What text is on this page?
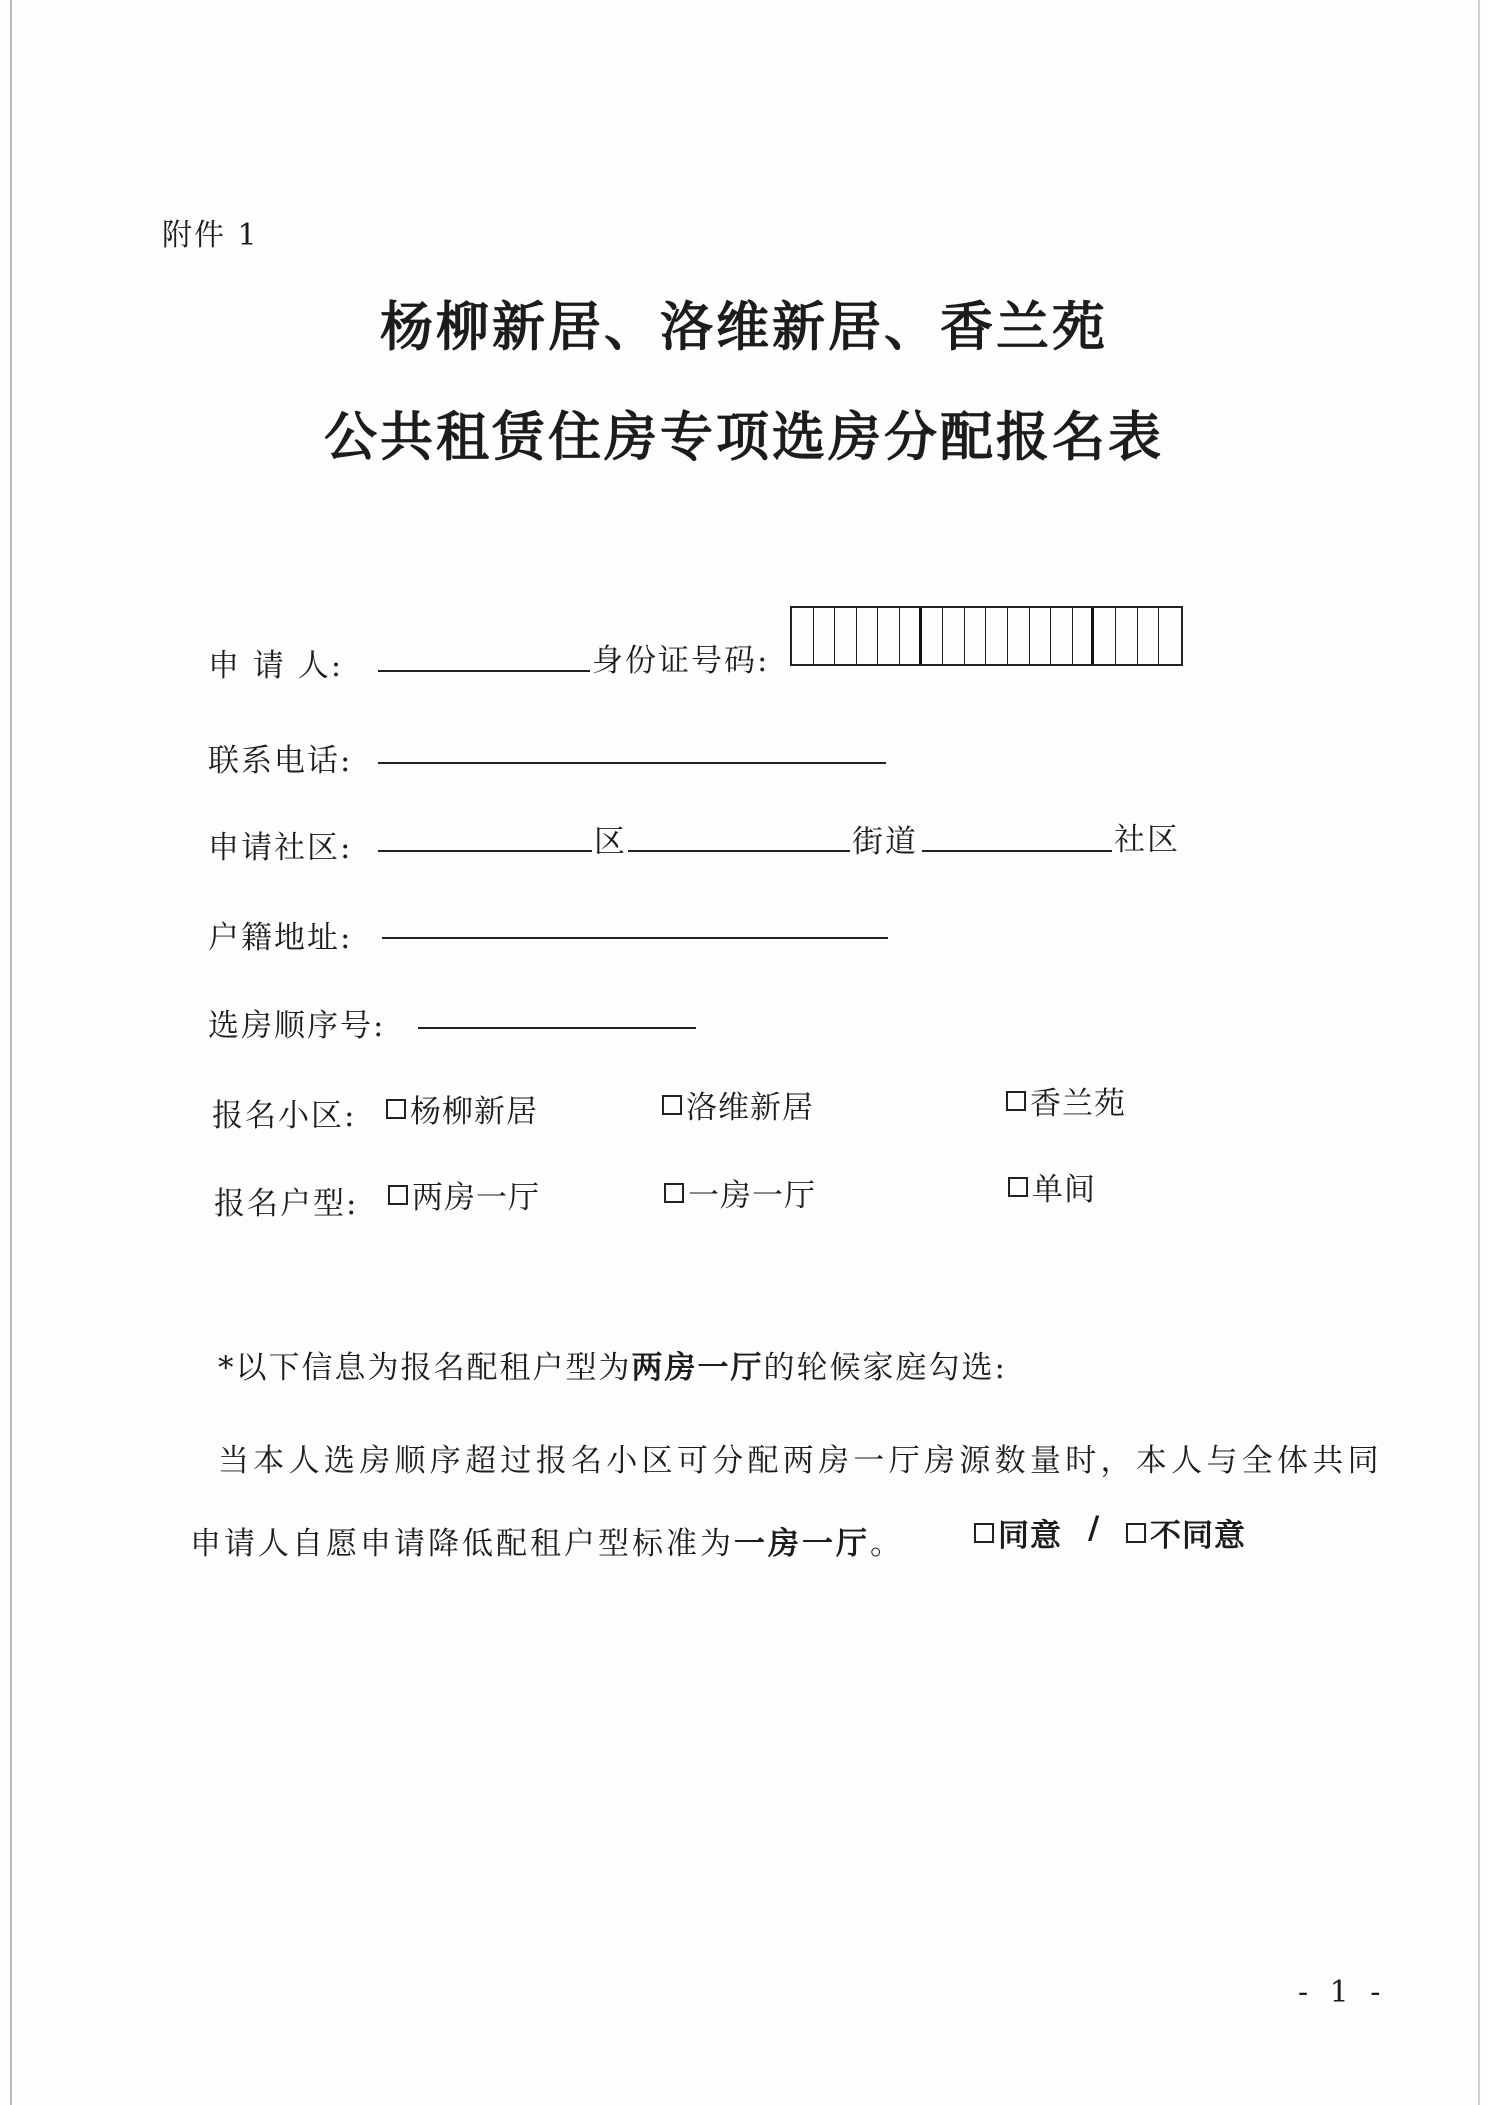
附件 1
杨柳新居、洛维新居、香兰苑
公共租赁住房专项选房分配报名表
申 请 人:	身份证号码:
联系电话:
申请社区:	区	街道	社区
户籍地址:
选房顺序号:
报名小区: 杨柳新居	洛维新居	香兰苑
报名户型: 两房一厅	一房一厅	单间
*以下信息为报名配租户型为两房一厅的轮候家庭勾选:
当本人选房顺序超过报名小区可分配两房一厅房源数量时，本人与全体共同
申请人自愿申请降低配租户型标准为一房一厅。	同意 / 不同意
- 1 -
